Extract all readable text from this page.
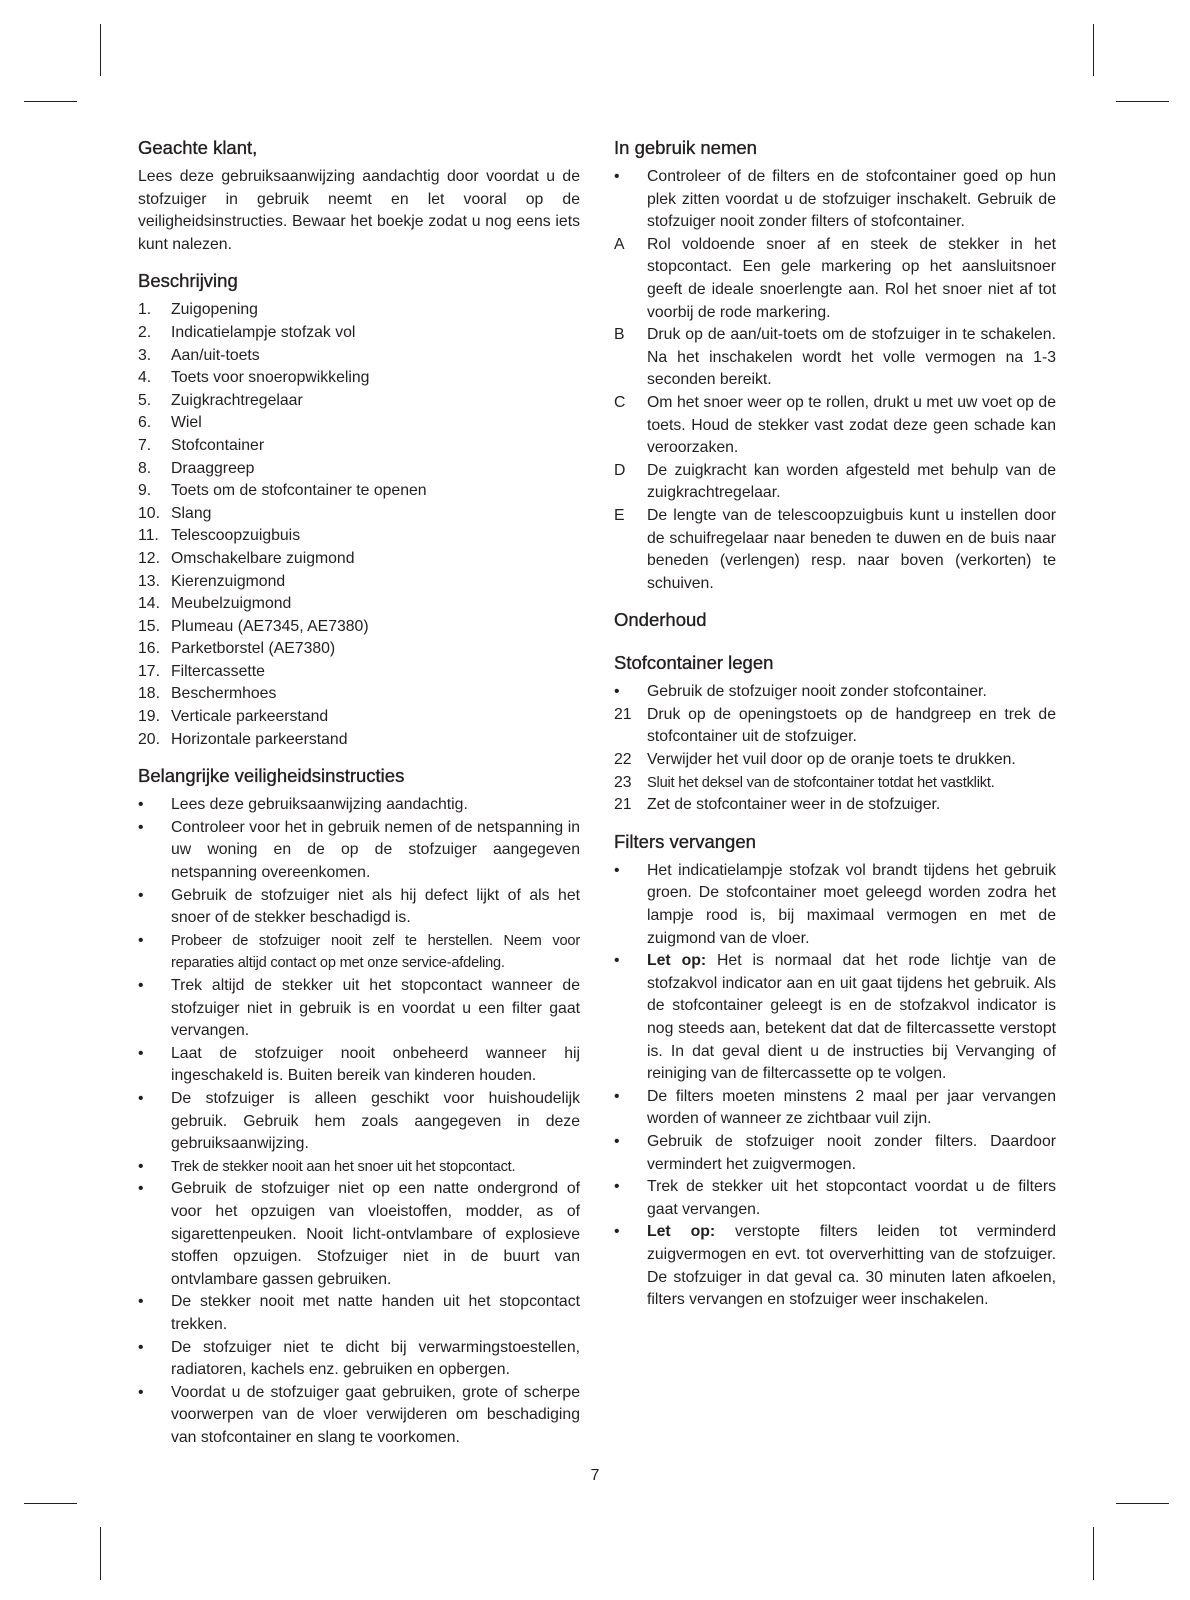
Geachte klant,

Lees deze gebruiksaanwijzing aandachtig door voordat u de stofzuiger in gebruik neemt en let vooral op de veiligheidsinstructies. Bewaar het boekje zodat u nog eens iets kunt nalezen.

Beschrijving
1.	Zuigopening
2.	Indicatielampje stofzak vol
3.	Aan/uit-toets
4.	Toets voor snoeropwikkeling
5.	Zuigkrachtregelaar
6.	Wiel
7.	Stofcontainer
8.	Draaggreep
9.	Toets om de stofcontainer te openen
10. Slang
11. Telescoopzuigbuis
12. Omschakelbare zuigmond
13. Kierenzuigmond
14. Meubelzuigmond
15. Plumeau (AE7345, AE7380)
16. Parketborstel (AE7380)
17. Filtercassette
18. Beschermhoes
19. Verticale parkeerstand
20. Horizontale parkeerstand
Belangrijke veiligheidsinstructies
•	Lees deze gebruiksaanwijzing aandachtig.
•	Controleer voor het in gebruik nemen of de netspanning in uw woning en de op de stofzuiger aangegeven netspanning overeenkomen.
•	Gebruik de stofzuiger niet als hij defect lijkt of als het snoer of de stekker beschadigd is.
•	Probeer de stofzuiger nooit zelf te herstellen. Neem voor reparaties altijd contact op met onze service-afdeling.
•	Trek altijd de stekker uit het stopcontact wanneer de stofzuiger niet in gebruik is en voordat u een filter gaat vervangen.
•	Laat de stofzuiger nooit onbeheerd wanneer hij ingeschakeld is. Buiten bereik van kinderen houden.
•	De stofzuiger is alleen geschikt voor huishoudelijk gebruik. Gebruik hem zoals aangegeven in deze gebruiksaanwijzing.
•	Trek de stekker nooit aan het snoer uit het stopcontact.
•	Gebruik de stofzuiger niet op een natte ondergrond of voor het opzuigen van vloeistoffen, modder, as of sigarettenpeuken. Nooit licht-ontvlambare of explosieve stoffen opzuigen. Stofzuiger niet in de buurt van ontvlambare gassen gebruiken.
•	De stekker nooit met natte handen uit het stopcontact trekken.
•	De stofzuiger niet te dicht bij verwarmingstoestellen, radiatoren, kachels enz. gebruiken en opbergen.
•	Voordat u de stofzuiger gaat gebruiken, grote of scherpe voorwerpen van de vloer verwijderen om beschadiging van stofcontainer en slang te voorkomen.
In gebruik nemen
•	Controleer of de filters en de stofcontainer goed op hun plek zitten voordat u de stofzuiger inschakelt. Gebruik de stofzuiger nooit zonder filters of stofcontainer.
A	Rol voldoende snoer af en steek de stekker in het stopcontact. Een gele markering op het aansluitsnoer geeft de ideale snoerlengte aan. Rol het snoer niet af tot voorbij de rode markering.
B	Druk op de aan/uit-toets om de stofzuiger in te schakelen. Na het inschakelen wordt het volle vermogen na 1-3 seconden bereikt.
C	Om het snoer weer op te rollen, drukt u met uw voet op de toets. Houd de stekker vast zodat deze geen schade kan veroorzaken.
D	De zuigkracht kan worden afgesteld met behulp van de zuigkrachtregelaar.
E	De lengte van de telescoopzuigbuis kunt u instellen door de schuifregelaar naar beneden te duwen en de buis naar beneden (verlengen) resp. naar boven (verkorten) te schuiven.
Onderhoud
Stofcontainer legen
•	Gebruik de stofzuiger nooit zonder stofcontainer.
21 Druk op de openingstoets op de handgreep en trek de stofcontainer uit de stofzuiger.
22 Verwijder het vuil door op de oranje toets te drukken.
23	Sluit het deksel van de stofcontainer totdat het vastklikt.
21 Zet de stofcontainer weer in de stofzuiger.
Filters vervangen
•	Het indicatielampje stofzak vol brandt tijdens het gebruik groen. De stofcontainer moet geleegd worden zodra het lampje rood is, bij maximaal vermogen en met de zuigmond van de vloer.
•	Let op: Het is normaal dat het rode lichtje van de stofzakvol indicator aan en uit gaat tijdens het gebruik. Als de stofcontainer geleegt is en de stofzakvol indicator is nog steeds aan, betekent dat dat de filtercassette verstopt is. In dat geval dient u de instructies bij Vervanging of reiniging van de filtercassette op te volgen.
•	De filters moeten minstens 2 maal per jaar vervangen worden of wanneer ze zichtbaar vuil zijn.
•	Gebruik de stofzuiger nooit zonder filters. Daardoor vermindert het zuigvermogen.
•	Trek de stekker uit het stopcontact voordat u de filters gaat vervangen.
•	Let op: verstopte filters leiden tot verminderd zuigvermogen en evt. tot oververhitting van de stofzuiger. De stofzuiger in dat geval ca. 30 minuten laten afkoelen, filters vervangen en stofzuiger weer inschakelen.
7
